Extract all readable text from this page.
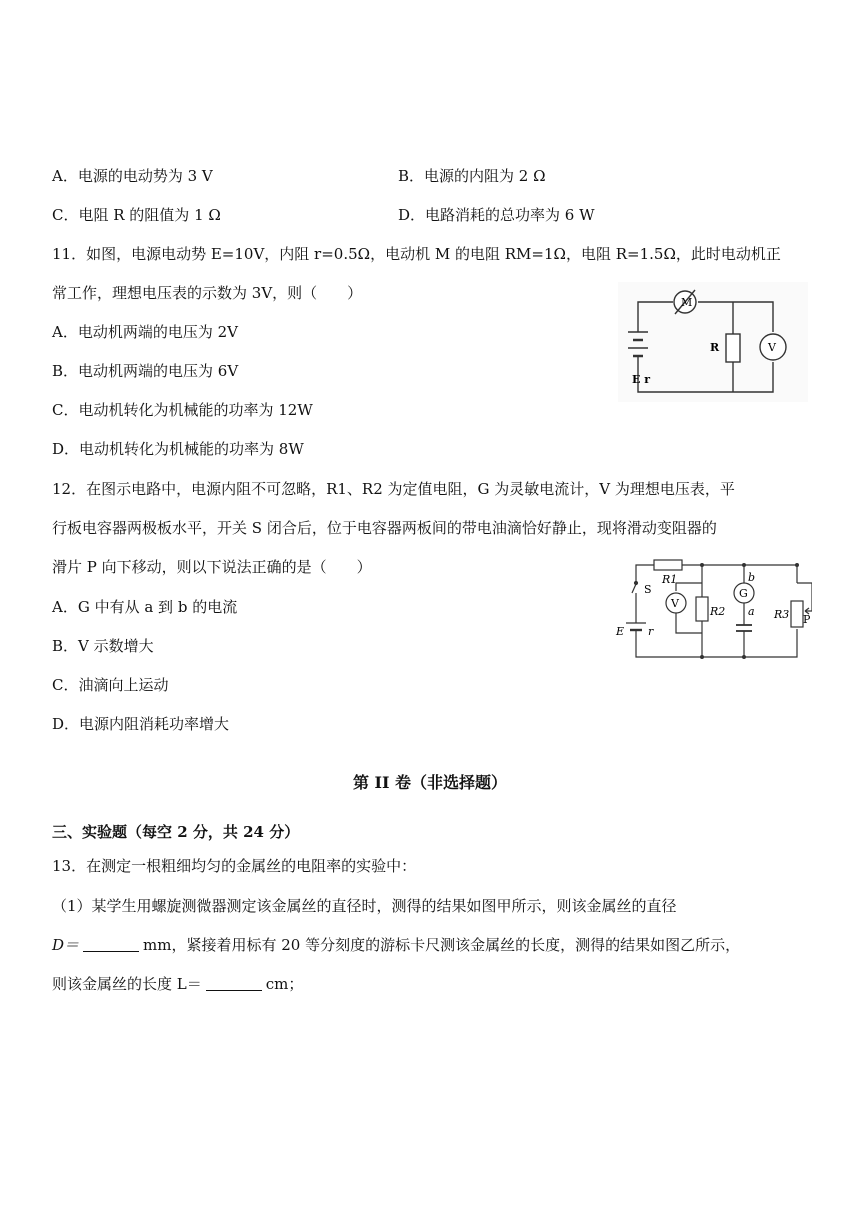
A．电源的电动势为 3 V	B．电源的内阻为 2 Ω
C．电阻 R 的阻值为 1 Ω	D．电路消耗的总功率为 6 W
11．如图，电源电动势 E=10V，内阻 r=0.5Ω，电动机 M 的电阻 RM=1Ω，电阻 R=1.5Ω，此时电动机正
常工作，理想电压表的示数为 3V，则（　　）
A．电动机两端的电压为 2V
B．电动机两端的电压为 6V
C．电动机转化为机械能的功率为 12W
D．电动机转化为机械能的功率为 8W
M
R	V
E r
12．在图示电路中，电源内阻不可忽略，R1、R2 为定值电阻，G 为灵敏电流计，V 为理想电压表，平
行板电容器两极板水平，开关 S 闭合后，位于电容器两板间的带电油滴恰好静止，现将滑动变阻器的
滑片 P 向下移动，则以下说法正确的是（　　）
A．G 中有从 a 到 b 的电流
B．V 示数增大
C．油滴向上运动
D．电源内阻消耗功率增大
R1
R2	R3
S
V
G
a
b
P
E r
第 II 卷（非选择题）
三、实验题（每空 2 分，共 24 分）
13．在测定一根粗细均匀的金属丝的电阻率的实验中：
（1）某学生用螺旋测微器测定该金属丝的直径时，测得的结果如图甲所示，则该金属丝的直径
D＝	mm，紧接着用标有 20 等分刻度的游标卡尺测该金属丝的长度，测得的结果如图乙所示，
则该金属丝的长度 L＝	cm；
